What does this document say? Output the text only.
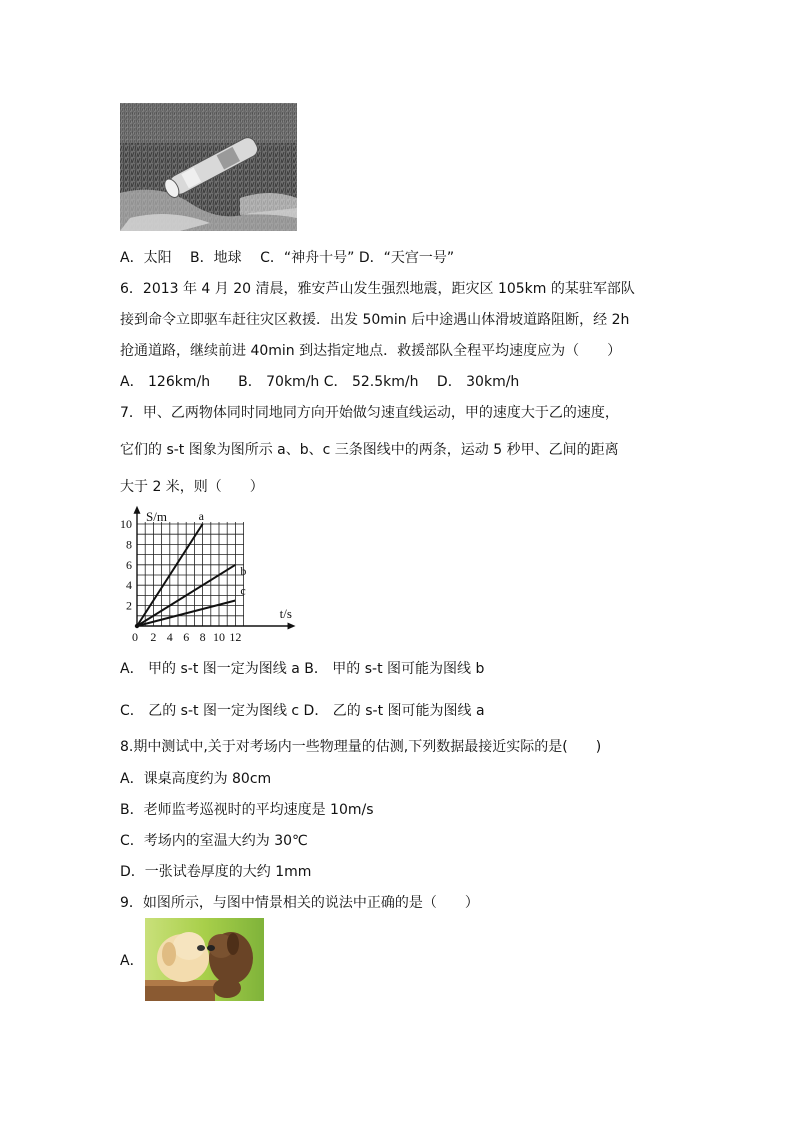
A．太阳　 B．地球　 C．“神舟十号” D．“天宫一号”
6．2013 年 4 月 20 清晨，雅安芦山发生强烈地震，距灾区 105km 的某驻军部队
接到命令立即驱车赶往灾区救援．出发 50min 后中途遇山体滑坡道路阻断，经 2h
抢通道路，继续前进 40min 到达指定地点．救援部队全程平均速度应为（　　）
A． 126km/h　　B． 70km/h C． 52.5km/h　 D． 30km/h
7．甲、乙两物体同时同地同方向开始做匀速直线运动，甲的速度大于乙的速度，
它们的 s-t 图象为图所示 a、b、c 三条图线中的两条，运动 5 秒甲、乙间的距离
大于 2 米，则（　　）
a
b
c
0 2 4 6 8 10 12
2
4
6
8
10
S/m
t/s
A． 甲的 s-t 图一定为图线 a B． 甲的 s-t 图可能为图线 b
C． 乙的 s-t 图一定为图线 c D． 乙的 s-t 图可能为图线 a
8.期中测试中,关于对考场内一些物理量的估测,下列数据最接近实际的是(　　)
A．课桌高度约为 80cm
B．老师监考巡视时的平均速度是 10m/s
C．考场内的室温大约为 30℃
D．一张试卷厚度的大约 1mm
9．如图所示，与图中情景相关的说法中正确的是（　　）
A．
